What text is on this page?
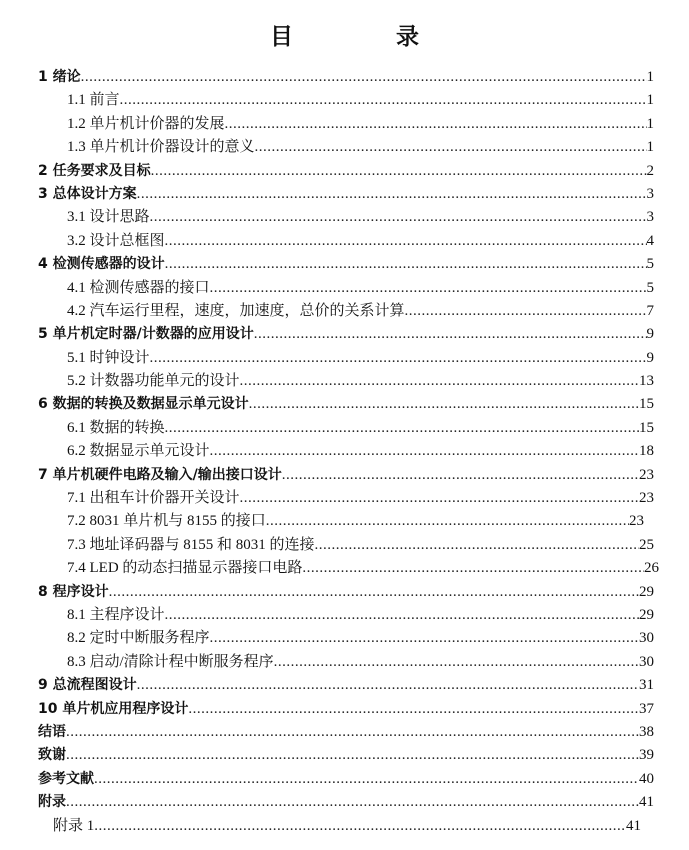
目　录
1 绪论 .....	1
1.1 前言 .....	1
1.2 单片机计价器的发展 .....	1
1.3 单片机计价器设计的意义 .....	1
2 任务要求及目标 .....	2
3 总体设计方案 .....	3
3.1 设计思路 .....	3
3.2 设计总框图 .....	4
4 检测传感器的设计 .....	5
4.1 检测传感器的接口 .....	5
4.2 汽车运行里程，速度，加速度，总价的关系计算 .....	7
5 单片机定时器/计数器的应用设计 .....	9
5.1 时钟设计 .....	9
5.2 计数器功能单元的设计 .....	13
6 数据的转换及数据显示单元设计 .....	15
6.1 数据的转换 .....	15
6.2 数据显示单元设计 .....	18
7 单片机硬件电路及输入/输出接口设计 .....	23
7.1 出租车计价器开关设计 .....	23
7.2 8031 单片机与 8155 的接口 .....	23
7.3 地址译码器与 8155 和 8031 的连接 .....	25
7.4 LED 的动态扫描显示器接口电路 .....	26
8 程序设计 .....	29
8.1 主程序设计 .....	29
8.2 定时中断服务程序 .....	30
8.3 启动/清除计程中断服务程序 .....	30
9 总流程图设计 .....	31
10 单片机应用程序设计 .....	37
结语 .....	38
致谢 .....	39
参考文献 .....	40
附录 .....	41
附录 1 .....	41
